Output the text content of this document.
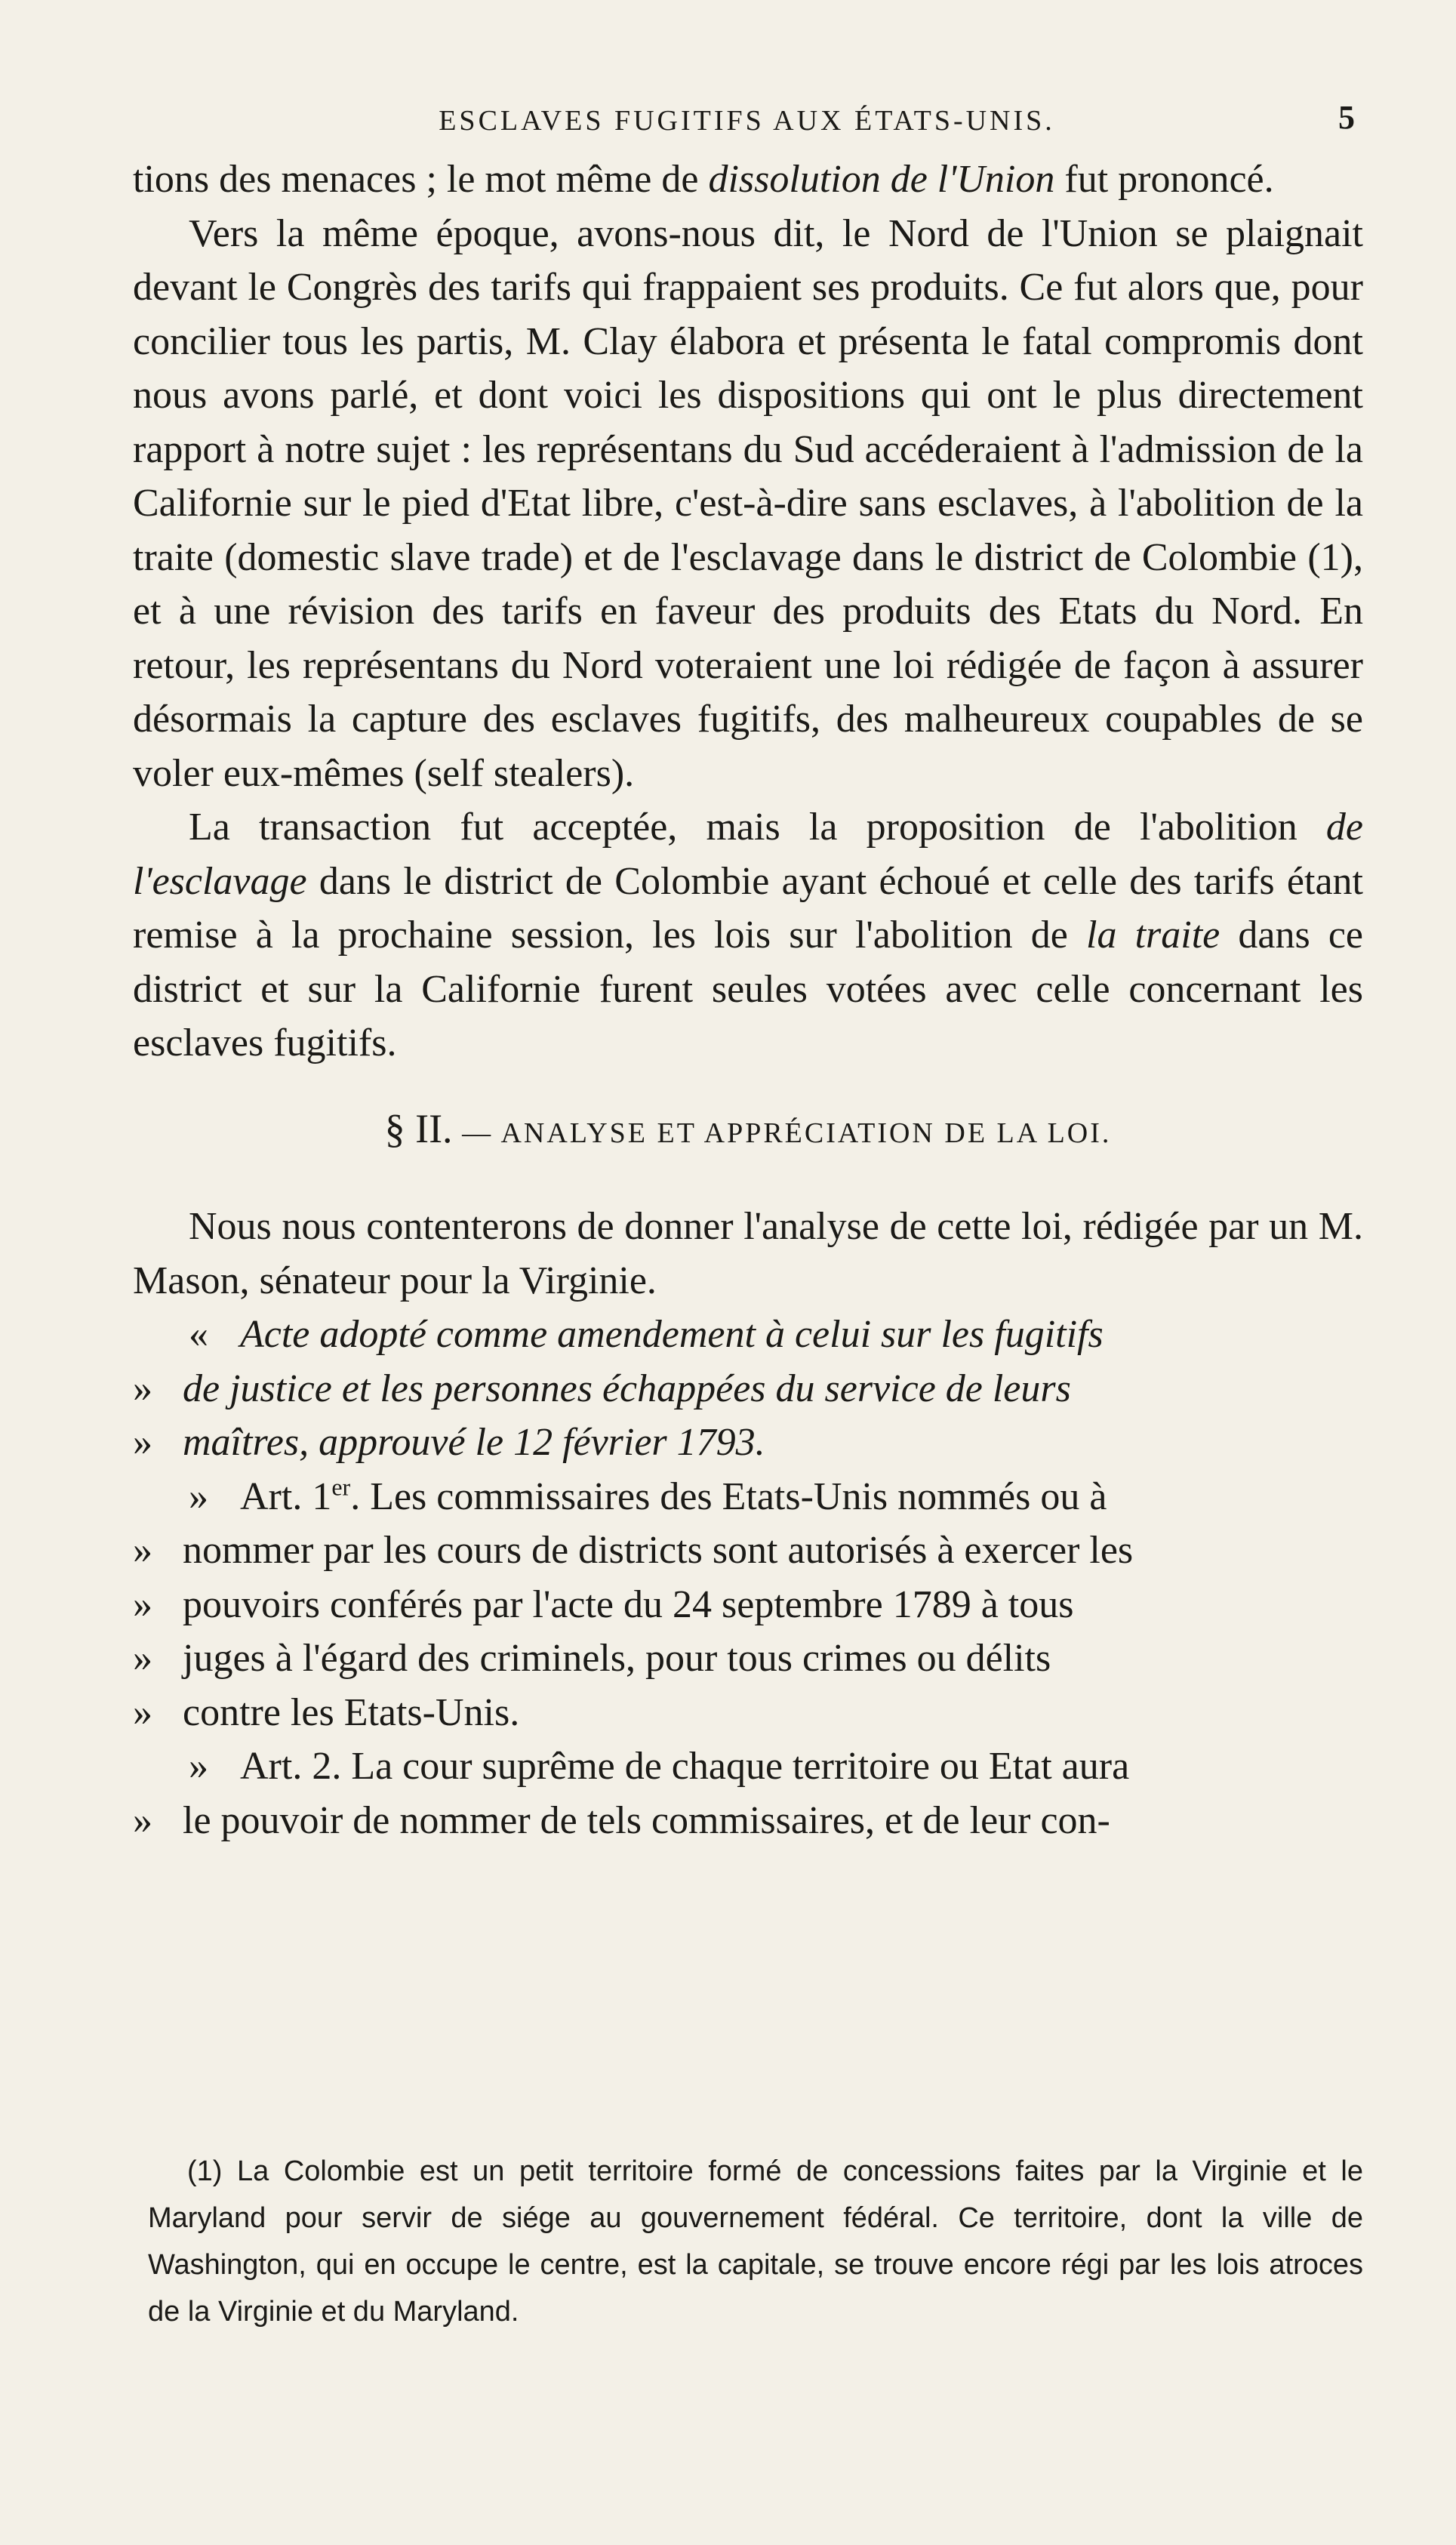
ESCLAVES FUGITIFS AUX ÉTATS-UNIS.	5

tions des menaces ; le mot même de dissolution de l'Union fut prononcé.

Vers la même époque, avons-nous dit, le Nord de l'Union se plaignait devant le Congrès des tarifs qui frappaient ses produits. Ce fut alors que, pour concilier tous les partis, M. Clay élabora et présenta le fatal compromis dont nous avons parlé, et dont voici les dispositions qui ont le plus directement rapport à notre sujet : les représentans du Sud accéderaient à l'admission de la Californie sur le pied d'Etat libre, c'est-à-dire sans esclaves, à l'abolition de la traite (domestic slave trade) et de l'esclavage dans le district de Colombie (1), et à une révision des tarifs en faveur des produits des Etats du Nord. En retour, les représentans du Nord voteraient une loi rédigée de façon à assurer désormais la capture des esclaves fugitifs, des malheureux coupables de se voler eux-mêmes (self stealers).

La transaction fut acceptée, mais la proposition de l'abolition de l'esclavage dans le district de Colombie ayant échoué et celle des tarifs étant remise à la prochaine session, les lois sur l'abolition de la traite dans ce district et sur la Californie furent seules votées avec celle concernant les esclaves fugitifs.

§ II. — ANALYSE ET APPRÉCIATION DE LA LOI.

Nous nous contenterons de donner l'analyse de cette loi, rédigée par un M. Mason, sénateur pour la Virginie.

« Acte adopté comme amendement à celui sur les fugitifs
» de justice et les personnes échappées du service de leurs
» maîtres, approuvé le 12 février 1793.
» Art. 1er. Les commissaires des Etats-Unis nommés ou à
» nommer par les cours de districts sont autorisés à exercer les
» pouvoirs conférés par l'acte du 24 septembre 1789 à tous
» juges à l'égard des criminels, pour tous crimes ou délits
» contre les Etats-Unis.
» Art. 2. La cour suprême de chaque territoire ou Etat aura
» le pouvoir de nommer de tels commissaires, et de leur con-

(1) La Colombie est un petit territoire formé de concessions faites par la Virginie et le Maryland pour servir de siége au gouvernement fédéral. Ce territoire, dont la ville de Washington, qui en occupe le centre, est la capitale, se trouve encore régi par les lois atroces de la Virginie et du Maryland.
